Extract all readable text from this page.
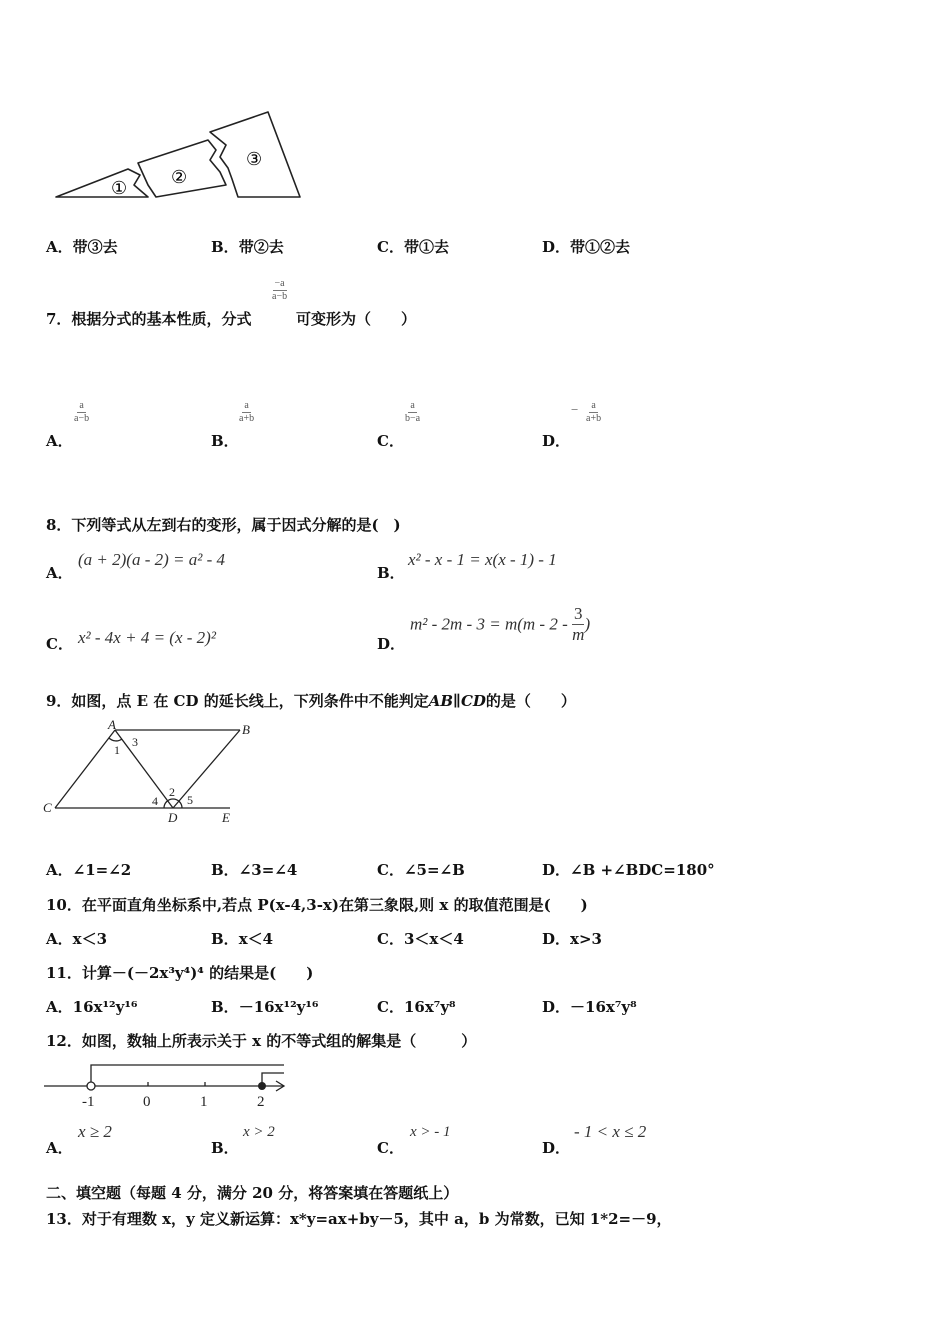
①
②
③
A．带③去	B．带②去	C．带①去	D．带①②去
7．根据分式的基本性质，分式
$\frac{-a}{a-b}$
可变形为（　　）
A．
$\frac{a}{a-b}$
B．
$\frac{a}{a+b}$
C．
$\frac{a}{b-a}$
D．
− $\frac{a}{a+b}$
8．下列等式从左到右的变形，属于因式分解的是(　)
A．
(a + 2)(a - 2) = a² - 4
B．
x² - x - 1 = x(x - 1) - 1
C． x² - 4x + 4 = (x - 2)²	D．
$m^2 - 2m - 3 = m(m - 2 - \frac{3}{m}$ )
9．如图，点 E 在 CD 的延长线上，下列条件中不能判定AB∥CD的是（　　）
A	B
C
D	E
1
2
3
4 5
A．∠1=∠2	B．∠3=∠4	C．∠5=∠B	D．∠B +∠BDC=180°
10．在平面直角坐标系中,若点 P(x-4,3-x)在第三象限,则 x 的取值范围是(　　)
A．x＜3	B．x＜4	C．3＜x＜4	D．x>3
11．计算－(－2x³y⁴)⁴ 的结果是(　　)
A．16x¹²y¹⁶	B．－16x¹²y¹⁶	C．16x⁷y⁸	D．－16x⁷y⁸
12．如图，数轴上所表示关于 x 的不等式组的解集是（　　　）
-1	0	1	2
A．
x ≥ 2
B．
x > 2
C．
x > - 1
D．
- 1 < x ≤ 2
二、填空题（每题 4 分，满分 20 分，将答案填在答题纸上）
13．对于有理数 x，y 定义新运算：x*y=ax+by－5，其中 a，b 为常数，已知 1*2=－9，
